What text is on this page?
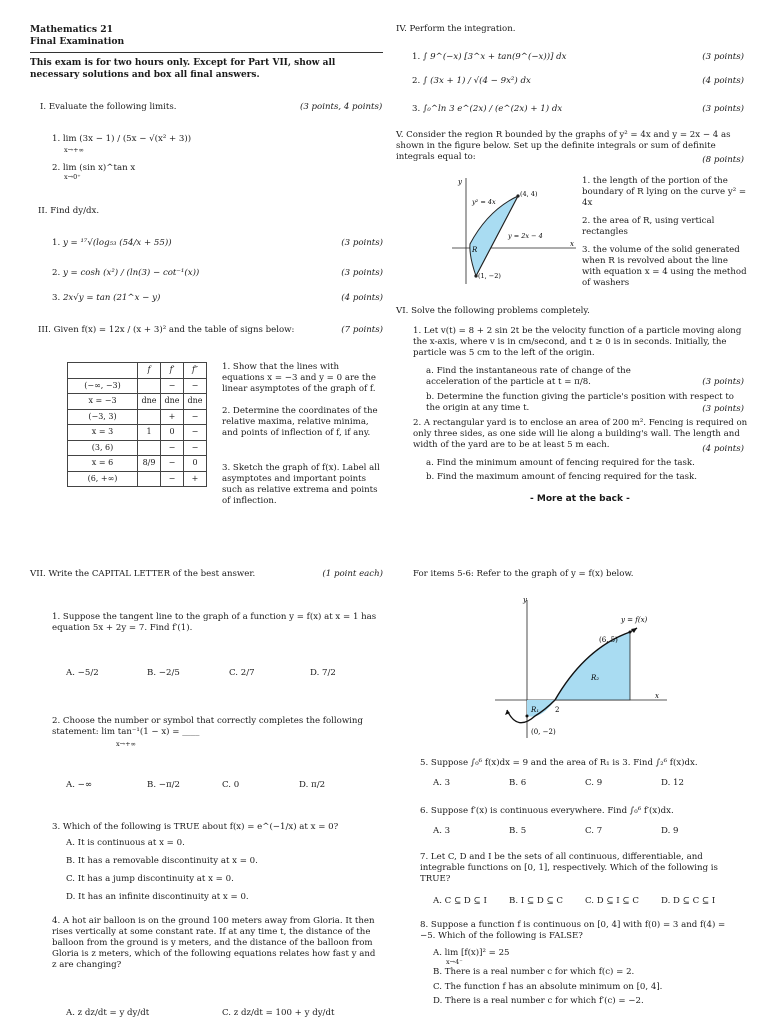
Mathematics 21
Final Examination
This exam is for two hours only. Except for Part VII, show all necessary solutions and box all final answers.
I. Evaluate the following limits.	(3 points, 4 points)
1. lim (3x − 1) / (5x − √(x² + 3))
x→+∞
2. lim (sin x)^tan x
x→0⁺
II. Find dy/dx.
1. y = ¹⁷√(log₅₃ (54/x + 55))	(3 points)
2. y = cosh (x²) / (ln(3) − cot⁻¹(x))	(3 points)
3. 2x√y = tan (21^x − y)	(4 points)
III. Given f(x) = 12x / (x + 3)² and the table of signs below:	(7 points)
	f	f′	f″
(−∞, −3)		−	−
x = −3	dne	dne	dne
(−3, 3)		+	−
x = 3	1	0	−
(3, 6)		−	−
x = 6	8/9	−	0
(6, +∞)		−	+
1. Show that the lines with equations x = −3 and y = 0 are the linear asymptotes of the graph of f.
2. Determine the coordinates of the relative maxima, relative minima, and points of inflection of f, if any.
3. Sketch the graph of f(x). Label all asymptotes and important points such as relative extrema and points of inflection.
IV. Perform the integration.
1. ∫ 9^(−x) [3^x + tan(9^(−x))] dx	(3 points)
2. ∫ (3x + 1) / √(4 − 9x²) dx	(4 points)
3. ∫₀^ln 3 e^(2x) / (e^(2x) + 1) dx	(3 points)
V. Consider the region R bounded by the graphs of y² = 4x and y = 2x − 4 as shown in the figure below. Set up the definite integrals or sum of definite integrals equal to:	(8 points)
y
x
y² = 4x
(4, 4)
y = 2x − 4
R
(1, −2)
1. the length of the portion of the boundary of R lying on the curve y² = 4x
2. the area of R, using vertical rectangles
3. the volume of the solid generated when R is revolved about the line with equation x = 4 using the method of washers
VI. Solve the following problems completely.
1. Let v(t) = 8 + 2 sin 2t be the velocity function of a particle moving along the x-axis, where v is in cm/second, and t ≥ 0 is in seconds. Initially, the particle was 5 cm to the left of the origin.
a. Find the instantaneous rate of change of the acceleration of the particle at t = π/8.	(3 points)
b. Determine the function giving the particle's position with respect to the origin at any time t.	(3 points)
2. A rectangular yard is to enclose an area of 200 m². Fencing is required on only three sides, as one side will lie along a building's wall. The length and width of the yard are to be at least 5 m each.	(4 points)
a. Find the minimum amount of fencing required for the task.
b. Find the maximum amount of fencing required for the task.
- More at the back -
VII. Write the CAPITAL LETTER of the best answer.	(1 point each)
1. Suppose the tangent line to the graph of a function y = f(x) at x = 1 has equation 5x + 2y = 7. Find f′(1).
A. −5/2	B. −2/5	C. 2/7	D. 7/2
2. Choose the number or symbol that correctly completes the following statement: lim tan⁻¹(1 − x) = ____
x→+∞
A. −∞	B. −π/2	C. 0	D. π/2
3. Which of the following is TRUE about f(x) = e^(−1/x) at x = 0?
A. It is continuous at x = 0.
B. It has a removable discontinuity at x = 0.
C. It has a jump discontinuity at x = 0.
D. It has an infinite discontinuity at x = 0.
4. A hot air balloon is on the ground 100 meters away from Gloria. It then rises vertically at some constant rate. If at any time t, the distance of the balloon from the ground is y meters, and the distance of the balloon from Gloria is z meters, which of the following equations relates how fast y and z are changing?
A. z dz/dt = y dy/dt	C. z dz/dt = 100 + y dy/dt
For items 5-6: Refer to the graph of y = f(x) below.
y
x
y = f(x)
(6, 5)
R₂
R₁ 2
(0, −2)
5. Suppose ∫₀⁶ f(x)dx = 9 and the area of R₁ is 3. Find ∫₂⁶ f(x)dx.
A. 3	B. 6	C. 9	D. 12
6. Suppose f′(x) is continuous everywhere. Find ∫₀⁶ f′(x)dx.
A. 3	B. 5	C. 7	D. 9
7. Let C, D and I be the sets of all continuous, differentiable, and integrable functions on [0, 1], respectively. Which of the following is TRUE?
A. C ⊆ D ⊆ I	B. I ⊆ D ⊆ C	C. D ⊆ I ⊆ C	D. D ⊆ C ⊆ I
8. Suppose a function f is continuous on [0, 4] with f(0) = 3 and f(4) = −5. Which of the following is FALSE?
A. lim [f(x)]² = 25
x→4⁻
B. There is a real number c for which f(c) = 2.
C. The function f has an absolute minimum on [0, 4].
D. There is a real number c for which f′(c) = −2.
